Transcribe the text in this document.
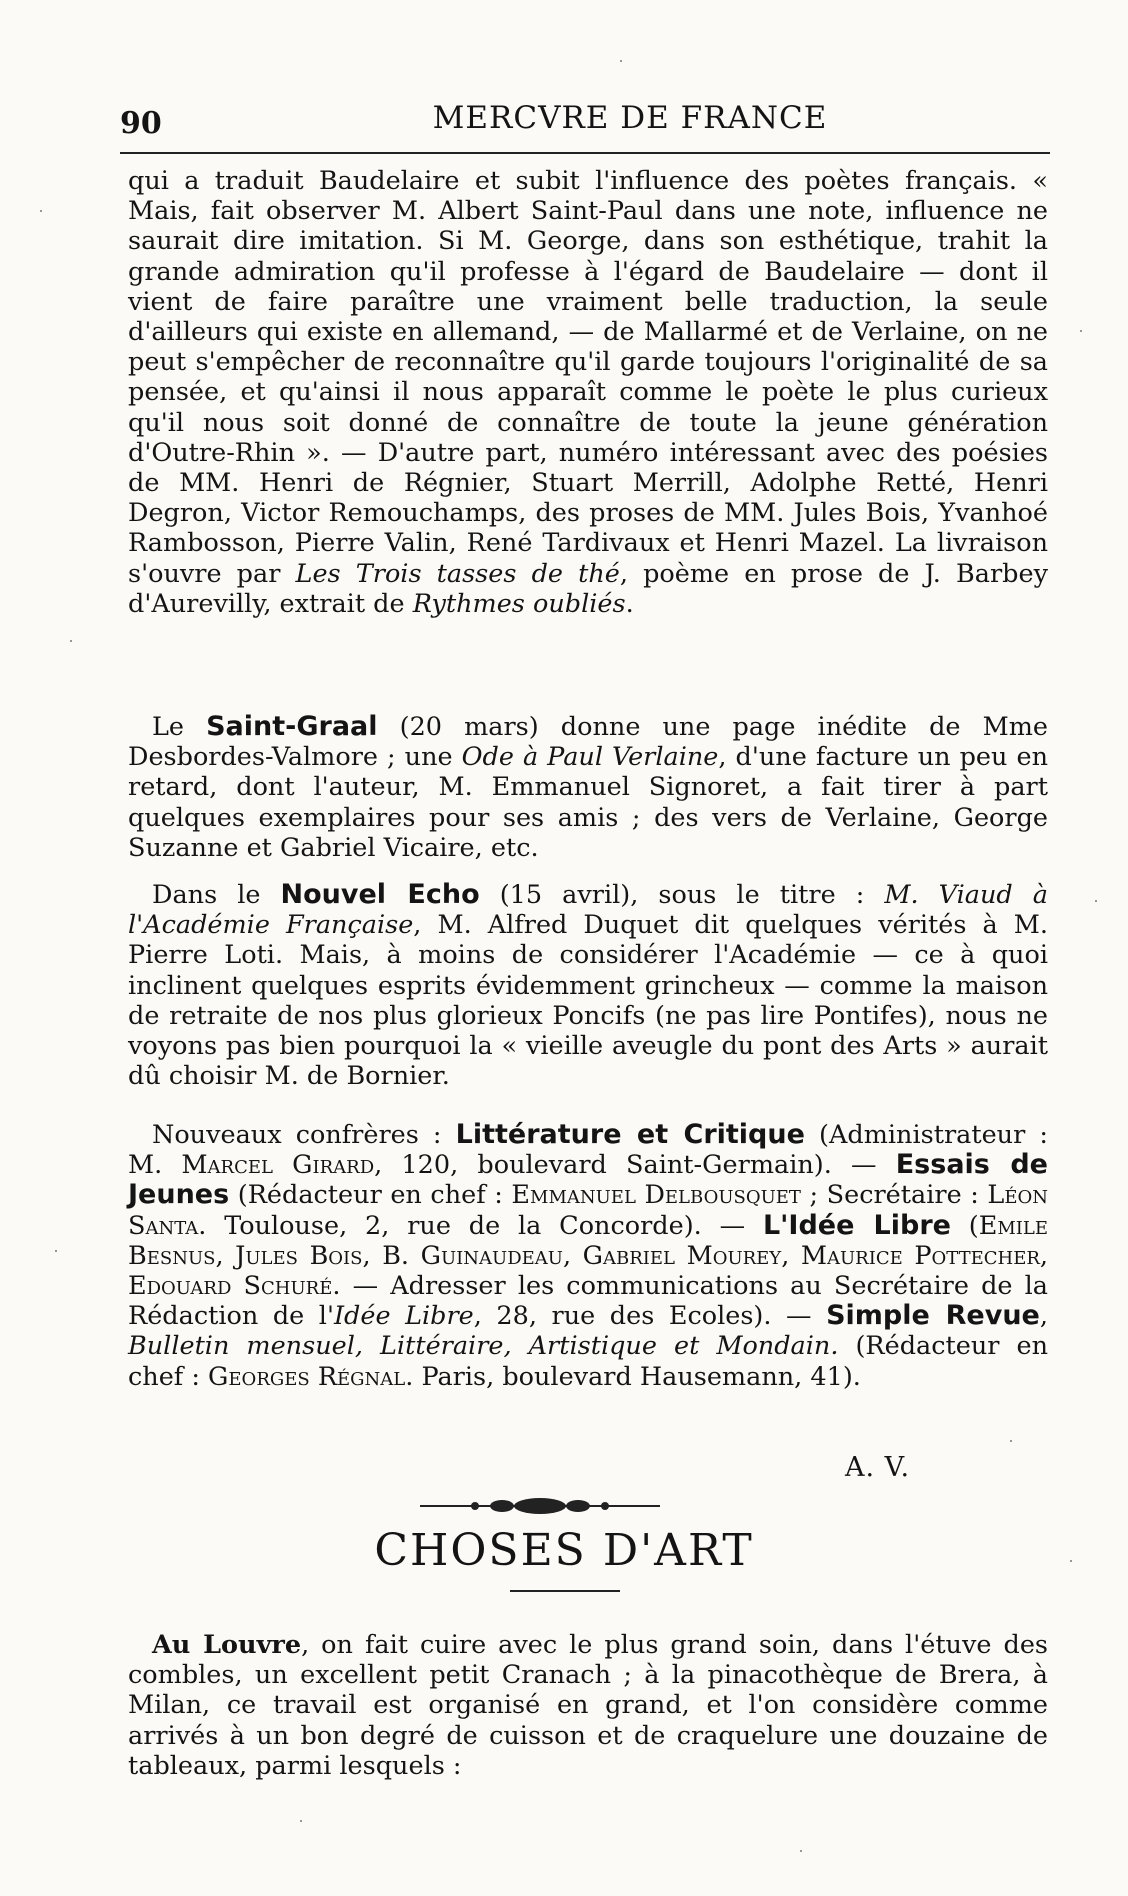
90	MERCVRE DE FRANCE

qui a traduit Baudelaire et subit l'influence des poètes français. « Mais, fait observer M. Albert Saint-Paul dans une note, influence ne saurait dire imitation. Si M. George, dans son esthétique, trahit la grande admiration qu'il professe à l'égard de Baudelaire — dont il vient de faire paraître une vraiment belle traduction, la seule d'ailleurs qui existe en allemand, — de Mallarmé et de Verlaine, on ne peut s'empêcher de reconnaître qu'il garde toujours l'originalité de sa pensée, et qu'ainsi il nous apparaît comme le poète le plus curieux qu'il nous soit donné de connaître de toute la jeune génération d'Outre-Rhin ». — D'autre part, numéro intéressant avec des poésies de MM. Henri de Régnier, Stuart Merrill, Adolphe Retté, Henri Degron, Victor Remouchamps, des proses de MM. Jules Bois, Yvanhoé Rambosson, Pierre Valin, René Tardivaux et Henri Mazel. La livraison s'ouvre par Les Trois tasses de thé, poème en prose de J. Barbey d'Aurevilly, extrait de Rythmes oubliés.

Le Saint-Graal (20 mars) donne une page inédite de Mme Desbordes-Valmore ; une Ode à Paul Verlaine, d'une facture un peu en retard, dont l'auteur, M. Emmanuel Signoret, a fait tirer à part quelques exemplaires pour ses amis ; des vers de Verlaine, George Suzanne et Gabriel Vicaire, etc.

Dans le Nouvel Echo (15 avril), sous le titre : M. Viaud à l'Académie Française, M. Alfred Duquet dit quelques vérités à M. Pierre Loti. Mais, à moins de considérer l'Académie — ce à quoi inclinent quelques esprits évidemment grincheux — comme la maison de retraite de nos plus glorieux Poncifs (ne pas lire Pontifes), nous ne voyons pas bien pourquoi la « vieille aveugle du pont des Arts » aurait dû choisir M. de Bornier.

Nouveaux confrères : Littérature et Critique (Administrateur : M. Marcel Girard, 120, boulevard Saint-Germain). — Essais de Jeunes (Rédacteur en chef : Emmanuel Delbousquet ; Secrétaire : Léon Santa. Toulouse, 2, rue de la Concorde). — L'Idée Libre (Emile Besnus, Jules Bois, B. Guinaudeau, Gabriel Mourey, Maurice Pottecher, Edouard Schuré. — Adresser les communications au Secrétaire de la Rédaction de l'Idée Libre, 28, rue des Ecoles). — Simple Revue, Bulletin mensuel, Littéraire, Artistique et Mondain. (Rédacteur en chef : Georges Régnal. Paris, boulevard Hausemann, 41).

A. V.
CHOSES D'ART

Au Louvre, on fait cuire avec le plus grand soin, dans l'étuve des combles, un excellent petit Cranach ; à la pinacothèque de Brera, à Milan, ce travail est organisé en grand, et l'on considère comme arrivés à un bon degré de cuisson et de craquelure une douzaine de tableaux, parmi lesquels :
